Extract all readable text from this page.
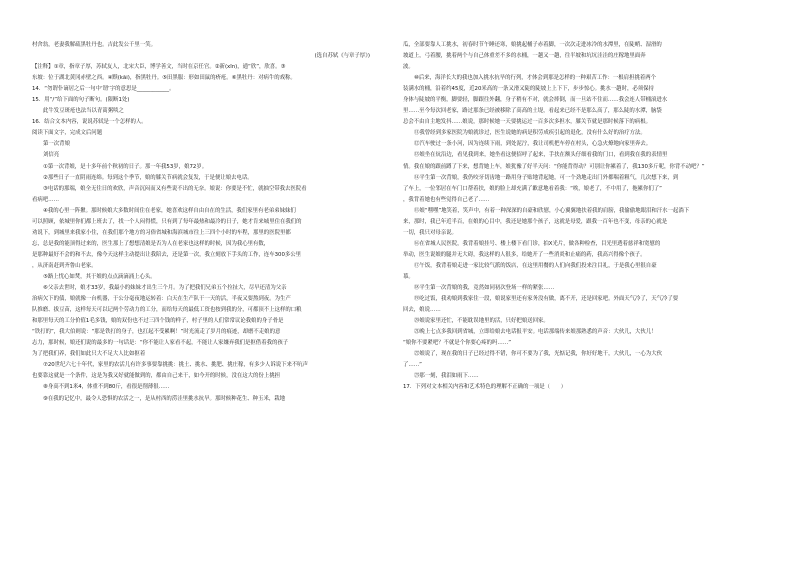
村舍翁，老妻我解疏黑牡丹也。吉此发公千里一笑。
(选自苏轼《与章子厚》)
【注释】①章，指章子厚，苏轼友人，北宋大臣，博学善文，当时在京任官。②新(xīn)，通“欣”，欣喜。③
东坡：位于湖北黄冈赤壁之西。④黩(kāi)，指黑牡丹。⑤田黑服：形如田鼠的疥疮。⑥黑牡丹：对病牛的戏称。
14．“勿谓仆谪居之后一句中‘谓’字的意思是____________。
15．用“/”给下面的句子断句。(限断1处)
此牛发豆斑疮也法当以青蒿粥啖之
16．结合文本内容，说说苏轼是一个怎样的人。
阅读下面文字，完成文后问题
第一次背娘
刘信亮
①第一次背娘，是十多年前个秋初的日子。那一年我53岁，娘72岁。
②那些日子一直阴雨连绵。每到这个季节，娘的膝关节病就会复发，于是便让娘去电话。
③电话的那端，娘全无往日的欢欣，声音沉闷而又有些说不出的无奈。娘说：你要是不忙，就抽空带我去医院看
看病吧……
④我的心里一阵揪。那时候娘大多数时间住在老家，她喜欢这样自由自在的生活，我们家里有老弟弟妹妹们
可以照顾，依城里你们都上班去了，找一个人闷得慌，只有到了每年最热和最冷的日子，她才肯来城里住在我们的
劝说下，到城里来我家小住，在我们那个地方的习俗省城和海滨城市往上三四个小时的车程，那里的医院里都
忘，总是我的能顶得过来的，医生那上了想想清娘是否为人在老家也这样的时候，因为我心里有数，
是那种最好不会的和不去，像今天这样主动提出让我陪去，还是第一次，我立刻放下手头的工作，连车300多公里
，从济南赶到齐鲁山老家。
⑤路上忧心如焚，其于娘的点点滴滴涌上心头。
⑥父亲去世时，娘才33岁，我最小的妹妹才出生三个月。为了把我们兄弟五个拉扯大，尽早还清为父亲
治病欠下的债，娘就像一台机器，于公分毫夜地运转着：白天在生产队干一天的活，半夜又要熬到夜。为生产
队推磨、拔豆苗，这样每天可以记两个劳动力的工分，而给每天的最低工资也按到我的分，可都顶不上这样的口粮
和那里每天的工分价值1毛多钱，娘的双份也不过三四个钱的样子，村子里的人们常常议论我娘的身子骨是
“铁打的”，我大伯则说：“那是铁打的身子，也扛起不受累啊！”时光流走了岁月的痕迹，却磨不走娘的意
志力，那时候，娘还们说的最多的一句话是：“你不能让人家看不起，不能让人家嫌弃我们是抠借着我的孩子
为了把我们养，我们如此只大不足大人比如抠着
⑦20世纪六七十年代，家里的农活儿有许多事要靠挑挑：挑土、挑水、挑肥、挑庄稼，有多少人诉说下来不吭声
也要靠这就是一个条件，这是为我又好就能做到的，都由自己来干，如今开的时候，没在这大的份上挑担
⑧身高不到1米4，体重不到80斤，看很是削薄很……
⑨在我的记忆中，最令人恐惧的农活之一，是从村西的涝洼里挑水抗旱。那时候种花生、种玉米，栽地
瓜，全部要靠人工挑水，初春时节午睡还寒，娘挑起桶子赤着脚，一次次走进冰冷的水潭里，在陡峭、湿滑的
坡道上，弓着腰，挑着两个与自己体重差不多的水桶，一趟又一趟，往半坡和坑坑洼洼的庄稼地里面奔
波。
⑩后来，海洋长大的我也加入挑水抗旱的行列，才体会到那是怎样的一种艰苦工作：一根肩担挑着两个
装满水的桶，沿着约45度，近20米高的一条又滑又陡的陡坡上上下下，步步惊心。挑水一趟时，必须保持
身体与陡坡的平衡，脚要轻，脚跟往外翻，身子稍有不对，就会摔倒，而一旦站不住而……我会连人带桶滚进水
里……至今每次回老家，路过那条已经被移除了高高的土堤，看起来已经不是那么高了，那么陡的水潭，脑袋
总会不由自主地发抖……娘说，那时候她一天要挑运过一百多次多担水，膝关节就是那时候落下的病根。
⑪我曾经到多家医院为娘就诊过，医生说她的病是积劳成疾引起的退化，没有什么好的治疗方法。
⑫汽车驶过一条小河，因为连续下雨，到处泥泞，我让司机把车停在村头，心急火燎地向家里奔去。
⑬娘坐在炕沿边，看见我到来，她坐看这便招呼了起来，手扶在额头仔细看我的门口，看到我在我的表情里
情。我在娘的跟前蹲了下来，想背她上车，娘犹豫了好半天问：“你能背得动？可别让你累着了，我130多斤呢，你背不动吧？”
⑭平生第一次背娘，我仍咬牙切齿地一路用身子贴地背起她，可一个劲地走出门外都喘着粗气，几次想下来，到
了车上，一位邻居在车门口帮着扶，娘的脸上却充满了歉意地看着我：“唉，娘老了，不中用了，拖累你们了”
，我背着她也有些觉得自己老了……
⑮娘“嘿嘿”地笑着，笑声中，有着一种深深的自豪和欣慰，小心翼翼地扶着我的肩膀，我偷偷地眼泪和汗水一起淌下
来，那时，我已年近半百，在娘的心目中，我还是她那个孩子，这就是母爱，跟我一百年也不变，母亲的心就是
一切，我只对母亲说。
⑯在省城人民医院，我背着娘挂号、楼上楼下看门诊，拍X光片，做各种检查，目光里透着慈祥和宽慰的
举动，医生说娘的腿并无大碍，我这样的人很多，给她开了一些消炎和止痛的药，我高兴得像个孩子。
⑰午饭，我背着娘走进一家比较气派的饭店，在这里用餐的人们向我们投来注目礼，于是我心里很自豪
慕。
⑱平生第一次背娘的我，竟然如同初次登场一样的紧张……
⑲吃过饭，我劝娘到我家住一段，娘说家里还有家务没有做，离不开，还是回家吧。外面天气冷了，天气冷了要
回去，娘说……
⑳娘说家里还忙，不能耽误地里的活，只好把娘送回家。
㉑晚上七点多我回到省城，立即给娘去电话报平安。电话那端传来娘那熟悉的声音：大伙儿，大伙儿！
“娘你不要紧吧？不就是个你要心疼的吗……”
㉒娘说了，现在我的日子已经过得不错，你可不要为了我，光惦记我，你好好地干，大伙儿，一心为大伙
了……”
㉓那一刻，我泪如雨下……
17．下列对文本相关内容和艺术特色的理解不正确的一项是（　　）
